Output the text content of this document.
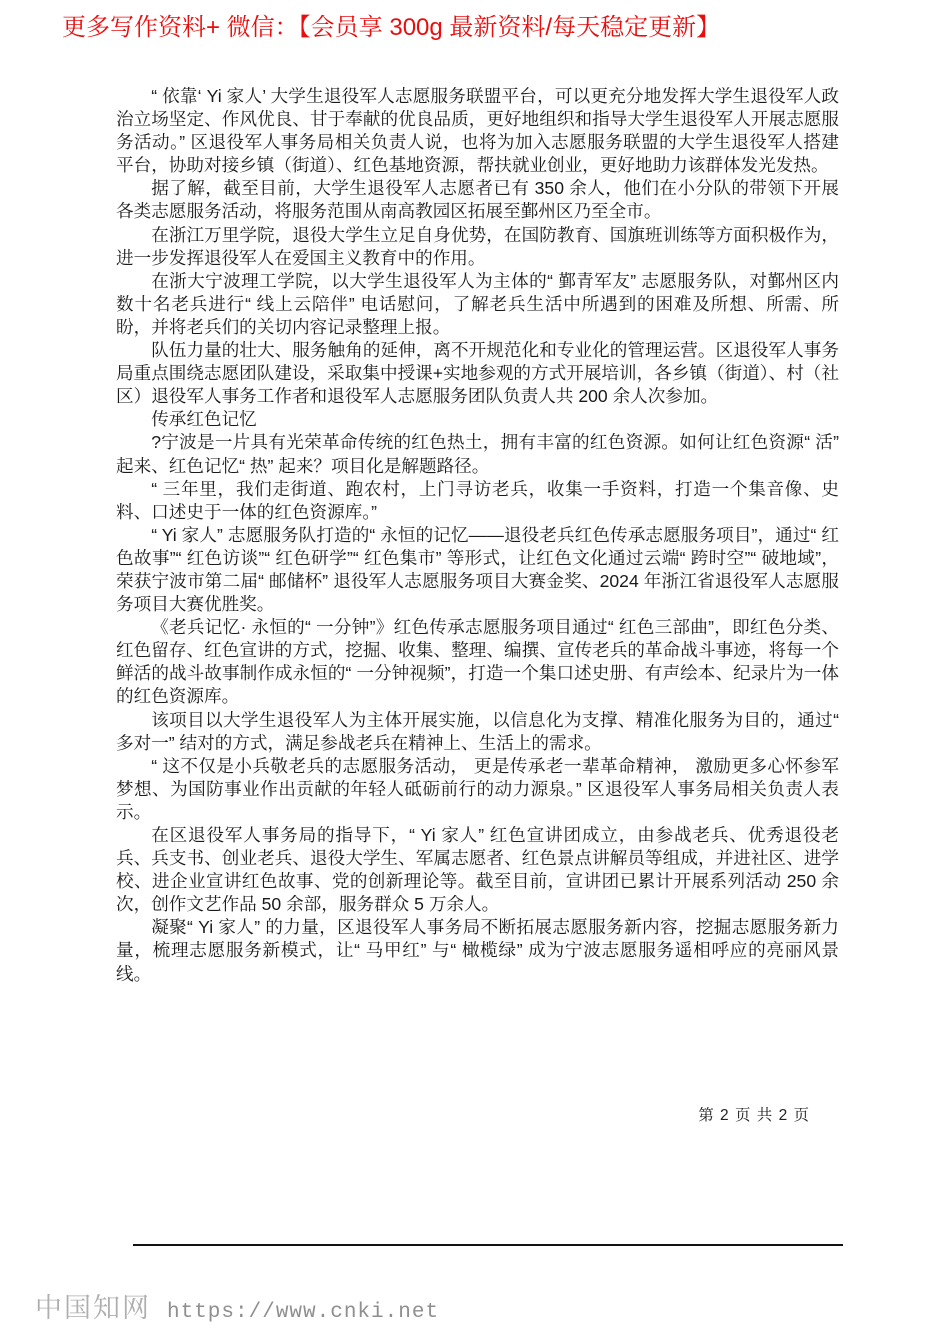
更多写作资料+ 微信：【会员享 300g 最新资料/每天稳定更新】

“ 依靠‘ Yi 家人’ 大学生退役军人志愿服务联盟平台，可以更充分地发挥大学生退役军人政治立场坚定、作风优良、甘于奉献的优良品质，更好地组织和指导大学生退役军人开展志愿服务活动。” 区退役军人事务局相关负责人说，也将为加入志愿服务联盟的大学生退役军人搭建平台，协助对接乡镇（街道）、红色基地资源，帮扶就业创业，更好地助力该群体发光发热。

据了解，截至目前，大学生退役军人志愿者已有 350 余人，他们在小分队的带领下开展各类志愿服务活动，将服务范围从南高教园区拓展至鄞州区乃至全市。

在浙江万里学院，退役大学生立足自身优势，在国防教育、国旗班训练等方面积极作为，进一步发挥退役军人在爱国主义教育中的作用。

在浙大宁波理工学院，以大学生退役军人为主体的“ 鄞青军友” 志愿服务队，对鄞州区内数十名老兵进行“ 线上云陪伴” 电话慰问，了解老兵生活中所遇到的困难及所想、所需、所盼，并将老兵们的关切内容记录整理上报。

队伍力量的壮大、服务触角的延伸，离不开规范化和专业化的管理运营。区退役军人事务局重点围绕志愿团队建设，采取集中授课+实地参观的方式开展培训，各乡镇（街道）、村（社区）退役军人事务工作者和退役军人志愿服务团队负责人共 200 余人次参加。

传承红色记忆

?宁波是一片具有光荣革命传统的红色热土，拥有丰富的红色资源。如何让红色资源“ 活”起来、红色记忆“ 热” 起来？项目化是解题路径。

“ 三年里，我们走街道、跑农村，上门寻访老兵，收集一手资料，打造一个集音像、史料、口述史于一体的红色资源库。”

“ Yi 家人” 志愿服务队打造的“ 永恒的记忆——退役老兵红色传承志愿服务项目”，通过“ 红色故事”“ 红色访谈”“ 红色研学”“ 红色集市” 等形式，让红色文化通过云端“ 跨时空”“ 破地域”，荣获宁波市第二届“ 邮储杯” 退役军人志愿服务项目大赛金奖、2024 年浙江省退役军人志愿服务项目大赛优胜奖。

《老兵记忆· 永恒的“ 一分钟”》红色传承志愿服务项目通过“ 红色三部曲”，即红色分类、红色留存、红色宣讲的方式，挖掘、收集、整理、编撰、宣传老兵的革命战斗事迹，将每一个鲜活的战斗故事制作成永恒的“ 一分钟视频”，打造一个集口述史册、有声绘本、纪录片为一体的红色资源库。

该项目以大学生退役军人为主体开展实施，以信息化为支撑、精准化服务为目的，通过“ 多对一” 结对的方式，满足参战老兵在精神上、生活上的需求。

“ 这不仅是小兵敬老兵的志愿服务活动， 更是传承老一辈革命精神， 激励更多心怀参军梦想、为国防事业作出贡献的年轻人砥砺前行的动力源泉。” 区退役军人事务局相关负责人表示。

在区退役军人事务局的指导下，“ Yi 家人” 红色宣讲团成立，由参战老兵、优秀退役老兵、兵支书、创业老兵、退役大学生、军属志愿者、红色景点讲解员等组成，并进社区、进学校、进企业宣讲红色故事、党的创新理论等。截至目前，宣讲团已累计开展系列活动 250 余次，创作文艺作品 50 余部，服务群众 5 万余人。

凝聚“ Yi 家人” 的力量，区退役军人事务局不断拓展志愿服务新内容，挖掘志愿服务新力量，梳理志愿服务新模式，让“ 马甲红” 与“ 橄榄绿” 成为宁波志愿服务遥相呼应的亮丽风景线。

第 2 页 共 2 页
中国知网 https://www.cnki.net
